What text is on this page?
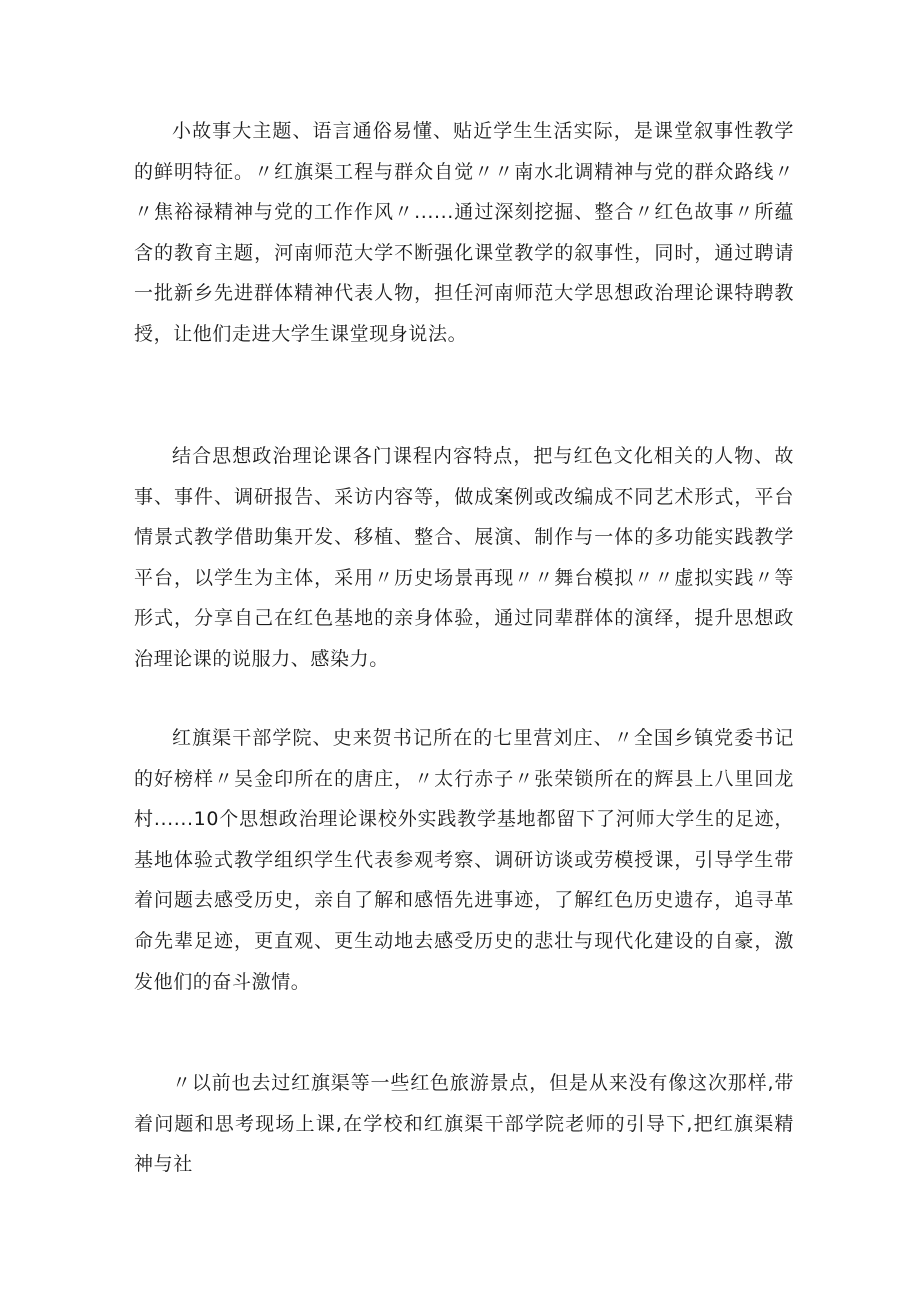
小故事大主题、语言通俗易懂、贴近学生生活实际，是课堂叙事性教学的鲜明特征。〃红旗渠工程与群众自觉〃〃南水北调精神与党的群众路线〃〃焦裕禄精神与党的工作作风〃......通过深刻挖掘、整合〃红色故事〃所蕴含的教育主题，河南师范大学不断强化课堂教学的叙事性，同时，通过聘请一批新乡先进群体精神代表人物，担任河南师范大学思想政治理论课特聘教授，让他们走进大学生课堂现身说法。

结合思想政治理论课各门课程内容特点，把与红色文化相关的人物、故事、事件、调研报告、采访内容等，做成案例或改编成不同艺术形式，平台情景式教学借助集开发、移植、整合、展演、制作与一体的多功能实践教学平台，以学生为主体，采用〃历史场景再现〃〃舞台模拟〃〃虚拟实践〃等形式，分享自己在红色基地的亲身体验，通过同辈群体的演绎，提升思想政治理论课的说服力、感染力。

红旗渠干部学院、史来贺书记所在的七里营刘庄、〃全国乡镇党委书记的好榜样〃吴金印所在的唐庄，〃太行赤子〃张荣锁所在的辉县上八里回龙村......10个思想政治理论课校外实践教学基地都留下了河师大学生的足迹，基地体验式教学组织学生代表参观考察、调研访谈或劳模授课，引导学生带着问题去感受历史，亲自了解和感悟先进事迹，了解红色历史遗存，追寻革命先辈足迹，更直观、更生动地去感受历史的悲壮与现代化建设的自豪，激发他们的奋斗激情。

〃以前也去过红旗渠等一些红色旅游景点，但是从来没有像这次那样,带着问题和思考现场上课,在学校和红旗渠干部学院老师的引导下,把红旗渠精神与社
